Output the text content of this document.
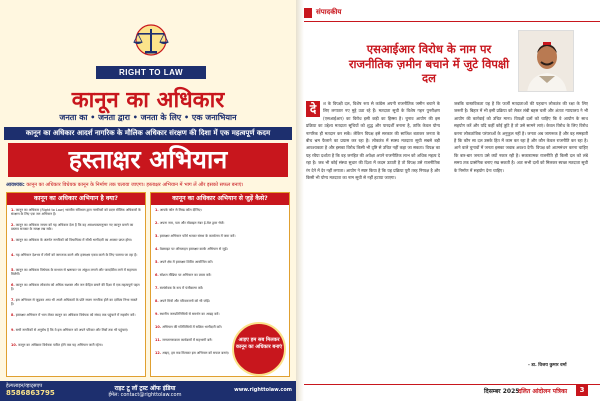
RIGHT TO LAW
कानून का अधिकार
जनता का • जनता द्वारा • जनता के लिए • एक जनाभियान
कानून का अधिकार आदर्श नागरिक के मौलिक अधिकार संरक्षण की दिशा में एक महत्वपूर्ण कदम
हस्ताक्षर अभियान
आवश्यक: कानून का अधिकार विधेयक कानून के निर्माण तक चलाया जाएगा। हस्ताक्षर अभियान में भाग लें और इसको सफल बनाएं।
कानून का अधिकार अभियान है क्या?
1. कानून का अधिकार (Right to Law) भारतीय संविधान द्वारा नागरिकों को प्रदत्त मौलिक अधिकारों के संरक्षण के लिए एक जन अभियान है।
2. कानून का अधिकार जनता को यह अधिकार देता है कि वह आवश्यकतानुसार नए कानून बनाने का प्रस्ताव सरकार के समक्ष रख सके।
3. कानून का अधिकार के अंतर्गत नागरिकों को विधायिका में सीधी भागीदारी का अवसर प्राप्त होगा।
4. यह अभियान देशभर में लोगों को जागरूक करने और हस्ताक्षर एकत्र करने के लिए चलाया जा रहा है।
5. कानून का अधिकार विधेयक के माध्यम से भ्रष्टाचार पर अंकुश लगाने और पारदर्शिता लाने में सहायता मिलेगी।
6. कानून का अधिकार लोकतंत्र को अधिक सशक्त और जन केंद्रित बनाने की दिशा में एक महत्वपूर्ण पहल है।
7. इस अभियान से जुड़कर आप भी अपने अधिकारों के प्रति सजग नागरिक होने का दायित्व निभा सकते हैं।
8. हस्ताक्षर अभियान में भाग लेकर कानून का अधिकार विधेयक को संसद तक पहुंचाने में सहयोग करें।
9. सभी नागरिकों से अनुरोध है कि वे इस अभियान को अपने परिवार और मित्रों तक भी पहुंचाएं।
10. कानून का अधिकार विधेयक पारित होने तक यह अभियान जारी रहेगा।
कानून का अधिकार अभियान से जुड़ें कैसे?
1. आपके फोन से मिस्ड कॉल दीजिए।
2. अपना नाम, पता और मोबाइल नंबर ई-मेल द्वारा भेजें।
3. हस्ताक्षर अभियान फॉर्म भरकर संस्था के कार्यालय में जमा करें।
4. वेबसाइट पर ऑनलाइन हस्ताक्षर करके अभियान से जुड़ें।
5. अपने क्षेत्र में हस्ताक्षर शिविर आयोजित करें।
6. सोशल मीडिया पर अभियान का प्रचार करें।
7. स्वयंसेवक के रूप में पंजीकरण करें।
8. अपने मित्रों और परिवारजनों को भी जोड़ें।
9. स्थानीय जनप्रतिनिधियों से समर्थन का आग्रह करें।
10. अभियान की गतिविधियों में सक्रिय भागीदारी करें।
11. जनजागरूकता कार्यक्रमों में सहभागी बनें।
12. आइए, हम सब मिलकर इस अभियान को सफल बनाएं।
आइए हम सब मिलकर कानून का अधिकार बनाएं
हेल्पलाइन/व्हाट्सएप
8586863795
राइट टू लॉ ट्रस्ट ऑफ इंडिया
ईमेल: contact@righttolaw.com
www.righttolaw.com
संपादकीय
एसआईआर विरोध के नाम पर राजनीतिक ज़मीन बचाने में जुटे विपक्षी दल
दे	श के विपक्षी दल, विशेष रूप से कांग्रेस अपनी राजनीतिक जमीन बचाने के लिए लगातार नए मुद्दे उठा रहे हैं। मतदाता सूची के विशेष गहन पुनरीक्षण (एसआईआर) का विरोध इसी कड़ी का हिस्सा है। चुनाव आयोग की इस प्रक्रिया का उद्देश्य मतदाता सूचियों को शुद्ध और पारदर्शी बनाना है, ताकि केवल योग्य नागरिक ही मतदान कर सकें। लेकिन विपक्ष इसे सरकार की साजिश बताकर जनता के बीच भ्रम फैलाने का प्रयास कर रहा है। लोकतंत्र में स्वस्थ मतदाता सूची सबसे बड़ी आवश्यकता है और इसका विरोध किसी भी दृष्टि से उचित नहीं कहा जा सकता। विपक्ष का यह रवैया दर्शाता है कि वह जनहित की अपेक्षा अपने राजनीतिक लाभ को अधिक महत्व दे रहा है। जब भी कोई संस्था सुधार की दिशा में कदम उठाती है तो विपक्ष उसे राजनीतिक रंग देने में देर नहीं लगाता। आयोग ने स्पष्ट किया है कि यह प्रक्रिया पूरी तरह निष्पक्ष है और किसी भी योग्य मतदाता का नाम सूची से नहीं हटाया जाएगा।
जबकि वास्तविकता यह है कि फर्जी मतदाताओं की पहचान लोकतंत्र की रक्षा के लिए जरूरी है। बिहार में भी इसी प्रक्रिया को लेकर लंबी बहस चली और अंततः न्यायालय ने भी आयोग की कार्रवाई को उचित माना। विपक्षी दलों को चाहिए कि वे आयोग के साथ सहयोग करें और यदि कहीं कोई त्रुटि है तो उसे सामने लाएं। केवल विरोध के लिए विरोध करना लोकतांत्रिक परंपराओं के अनुकूल नहीं है। जनता अब जागरूक है और वह समझती है कि कौन सा दल उसके हित में काम कर रहा है और कौन केवल राजनीति कर रहा है। आने वाले चुनावों में जनता इसका जवाब अवश्य देगी। विपक्ष को आत्ममंथन करना चाहिए कि बार-बार जनता उसे क्यों नकार रही है। सकारात्मक राजनीति ही किसी दल को लंबे समय तक प्रासंगिक बनाए रख सकती है। अतः सभी दलों को मिलकर स्वच्छ मतदाता सूची के निर्माण में सहयोग देना चाहिए।
- डा. विजय कुमार वर्मा
दिसम्बर 2025
दलित आंदोलन पत्रिका	3
